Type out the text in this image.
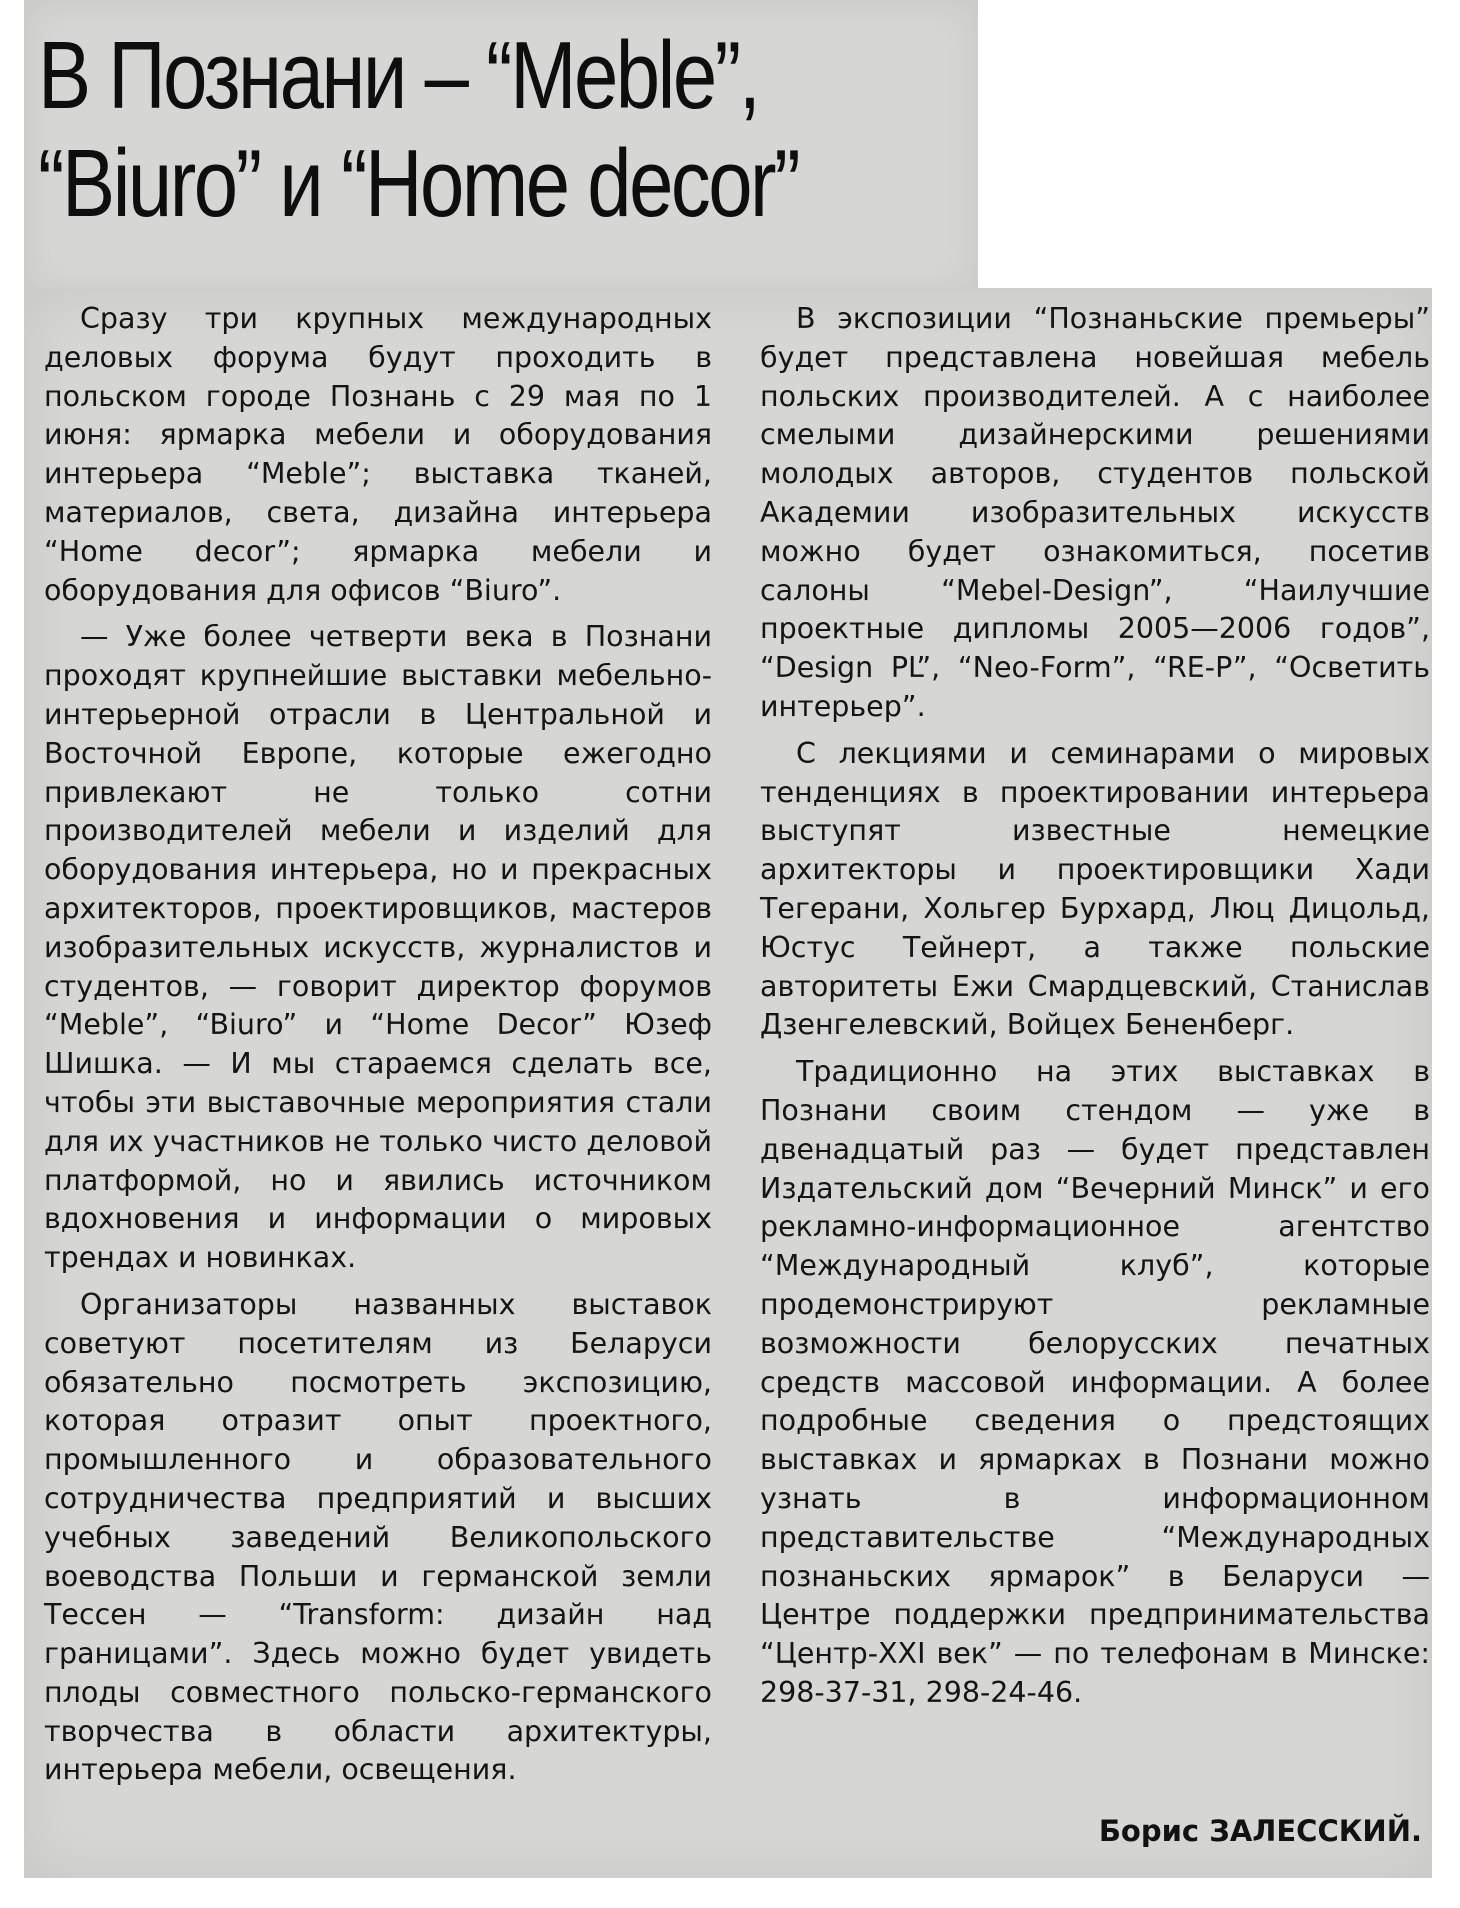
В Познани – “Meble”,
“Biuro” и “Home decor”

Сразу три крупных международных деловых форума будут проходить в польском городе Познань с 29 мая по 1 июня: ярмарка мебели и оборудования интерьера “Meble”; выставка тканей, материалов, света, дизайна интерьера “Home decor”; ярмарка мебели и оборудования для офисов “Biuro”.

— Уже более четверти века в Познани проходят крупнейшие выставки мебельно-интерьерной отрасли в Центральной и Восточной Европе, которые ежегодно привлекают не только сотни производителей мебели и изделий для оборудования интерьера, но и прекрасных архитекторов, проектировщиков, мастеров изобразительных искусств, журналистов и студентов, — говорит директор форумов “Meble”, “Biuro” и “Home Decor” Юзеф Шишка. — И мы стараемся сделать все, чтобы эти выставочные мероприятия стали для их участников не только чисто деловой платформой, но и явились источником вдохновения и информации о мировых трендах и новинках.

Организаторы названных выставок советуют посетителям из Беларуси обязательно посмотреть экспозицию, которая отразит опыт проектного, промышленного и образовательного сотрудничества предприятий и высших учебных заведений Великопольского воеводства Польши и германской земли Тессен — “Transform: дизайн над границами”. Здесь можно будет увидеть плоды совместного польско-германского творчества в области архитектуры, интерьера мебели, освещения.

В экспозиции “Познаньские премьеры” будет представлена новейшая мебель польских производителей. А с наиболее смелыми дизайнерскими решениями молодых авторов, студентов польской Академии изобразительных искусств можно будет ознакомиться, посетив салоны “Mebel-Design”, “Наилучшие проектные дипломы 2005—2006 годов”, “Design PL”, “Neo-Form”, “RE-P”, “Осветить интерьер”.

С лекциями и семинарами о мировых тенденциях в проектировании интерьера выступят известные немецкие архитекторы и проектировщики Хади Тегерани, Хольгер Бурхард, Люц Дицольд, Юстус Тейнерт, а также польские авторитеты Ежи Смардцевский, Станислав Дзенгелевский, Войцех Бененберг.

Традиционно на этих выставках в Познани своим стендом — уже в двенадцатый раз — будет представлен Издательский дом “Вечерний Минск” и его рекламно-информационное агентство “Международный клуб”, которые продемонстрируют рекламные возможности белорусских печатных средств массовой информации. А более подробные сведения о предстоящих выставках и ярмарках в Познани можно узнать в информационном представительстве “Международных познаньских ярмарок” в Беларуси — Центре поддержки предпринимательства “Центр-XXI век” — по телефонам в Минске: 298-37-31, 298-24-46.

Борис ЗАЛЕССКИЙ.
